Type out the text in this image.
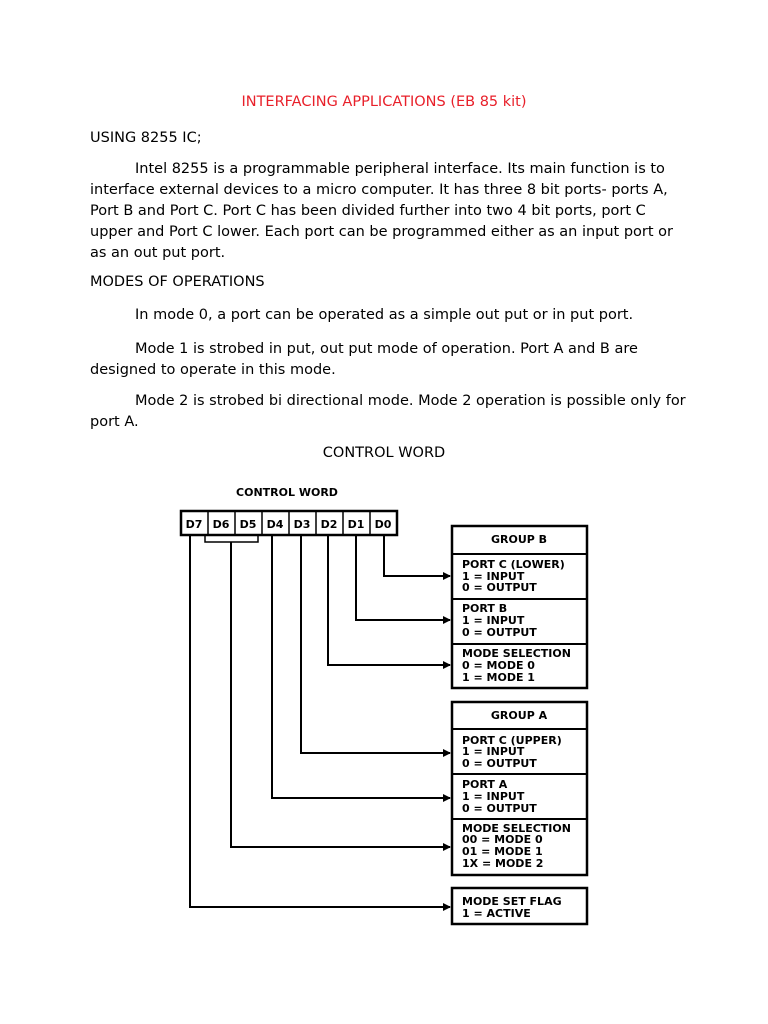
INTERFACING APPLICATIONS (EB 85 kit)

USING 8255 IC;

Intel 8255 is a programmable peripheral interface. Its main function is to interface external devices to a micro computer. It has three 8 bit ports- ports A, Port B and Port C. Port C has been divided further into two 4 bit ports, port C upper and Port C lower. Each port can be programmed either as an input port or as an out put port.

MODES OF OPERATIONS

In mode 0, a port can be operated as a simple out put or in put port.

Mode 1 is strobed in put, out put mode of operation. Port A and B are designed to operate in this mode.

Mode 2 is strobed bi directional mode. Mode 2 operation is possible only for port A.

CONTROL WORD
CONTROL WORD
D7 D6 D5 D4 D3 D2 D1 D0
GROUP B
PORT C (LOWER)
1 = INPUT
0 = OUTPUT
PORT B
1 = INPUT
0 = OUTPUT
MODE SELECTION
0 = MODE 0
1 = MODE 1
GROUP A
PORT C (UPPER)
1 = INPUT
0 = OUTPUT
PORT A
1 = INPUT
0 = OUTPUT
MODE SELECTION
00 = MODE 0
01 = MODE 1
1X = MODE 2
MODE SET FLAG
1 = ACTIVE
